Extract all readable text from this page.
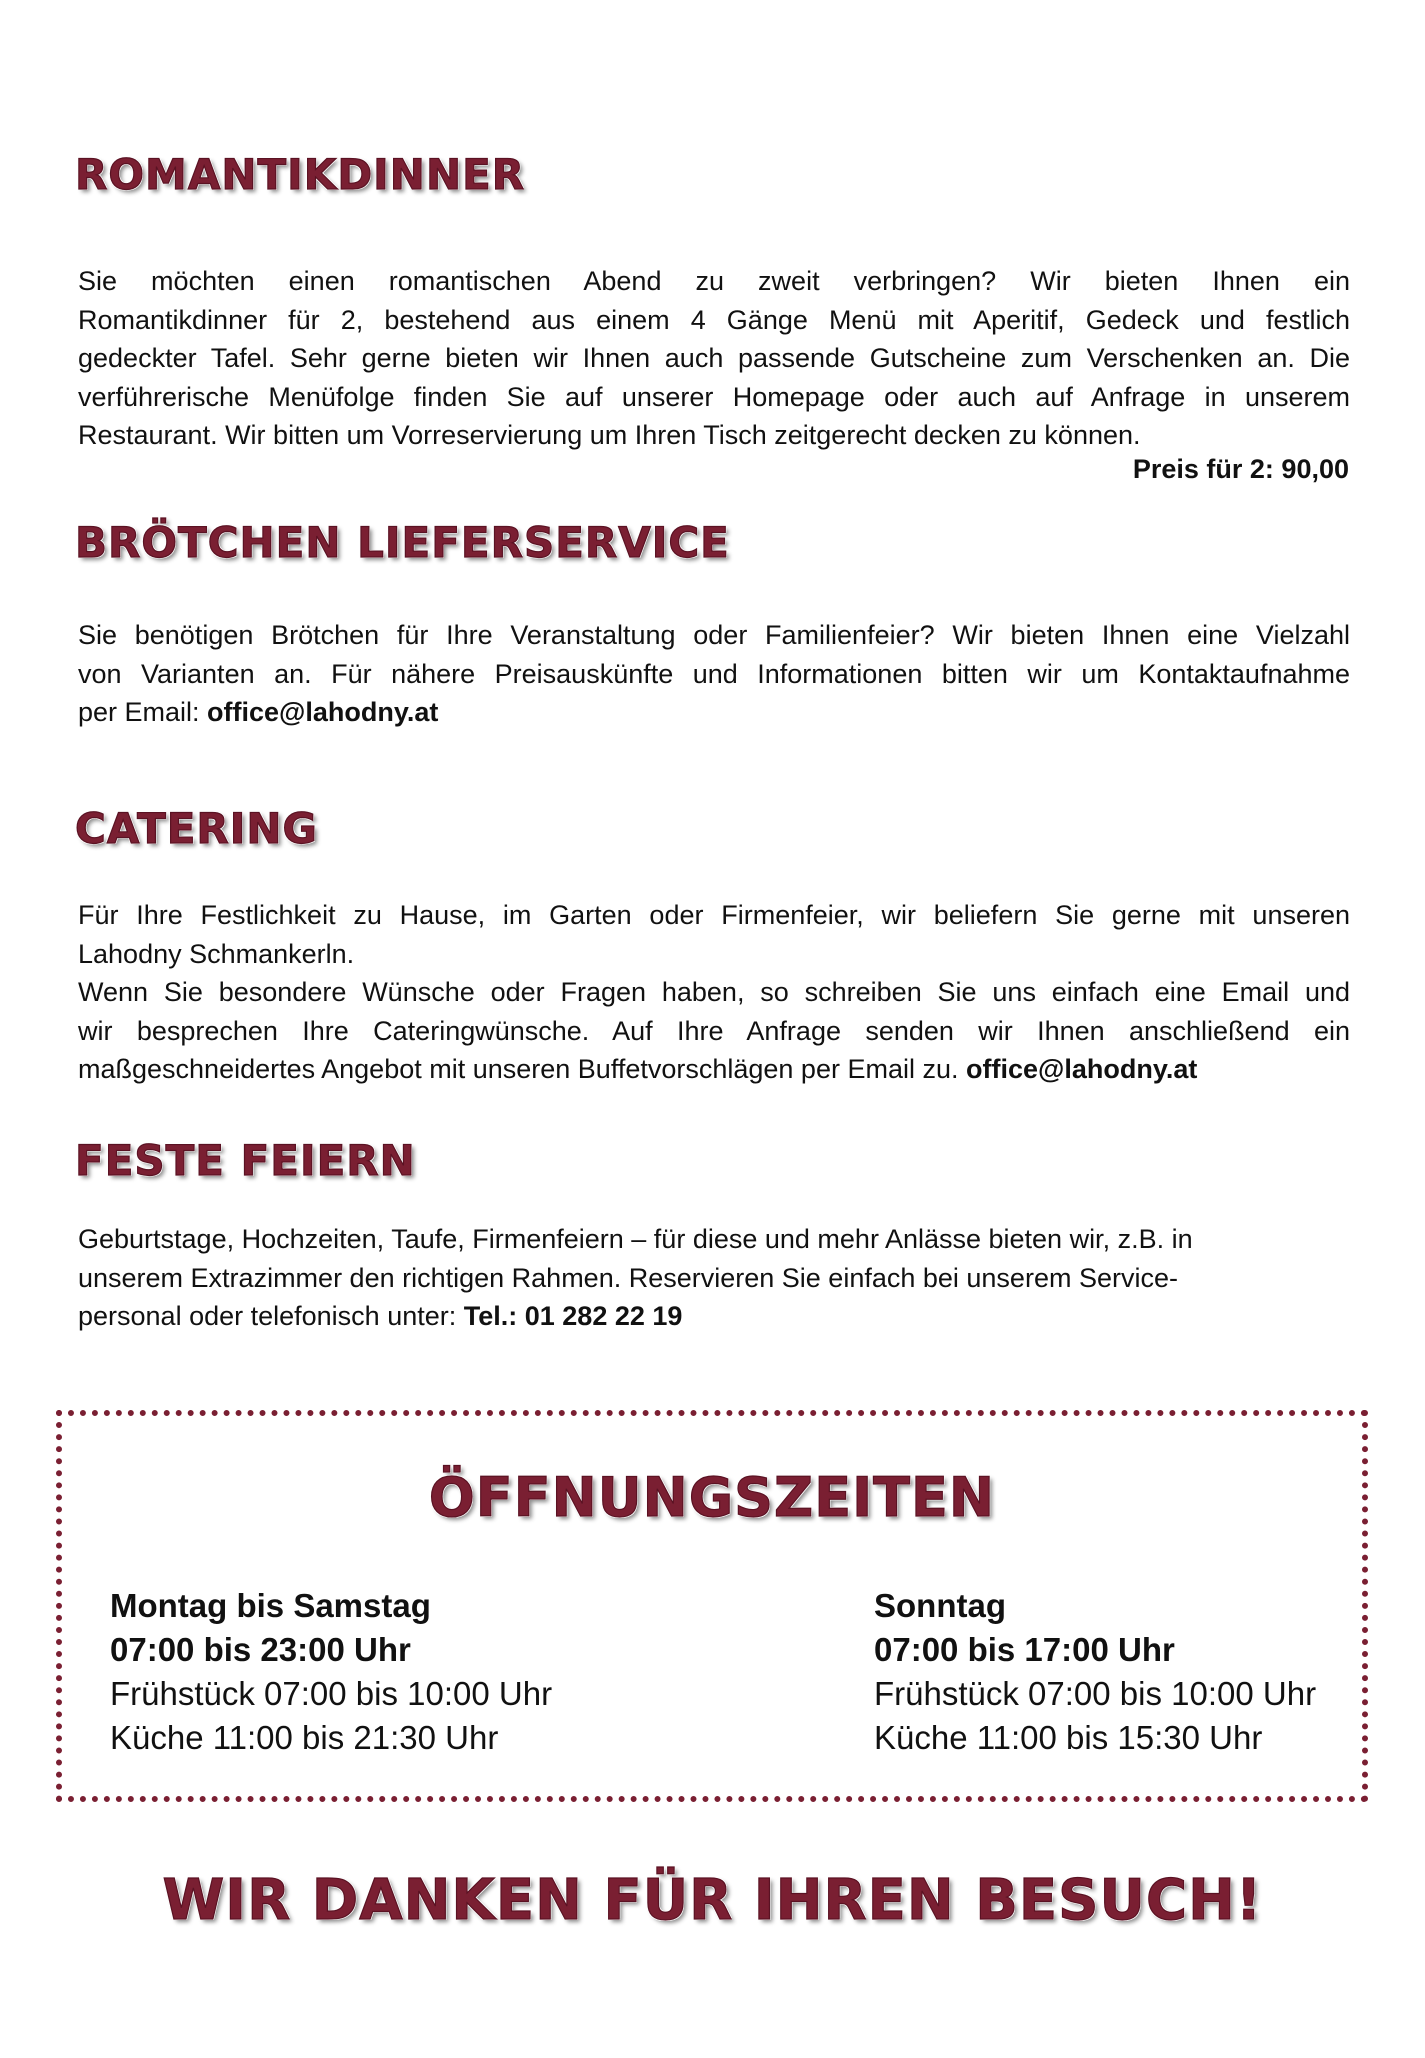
ROMANTIKDINNER

Sie möchten einen romantischen Abend zu zweit verbringen? Wir bieten Ihnen ein
Romantikdinner für 2, bestehend aus einem 4 Gänge Menü mit Aperitif, Gedeck und festlich
gedeckter Tafel. Sehr gerne bieten wir Ihnen auch passende Gutscheine zum Verschenken an. Die
verführerische Menüfolge finden Sie auf unserer Homepage oder auch auf Anfrage in unserem
Restaurant. Wir bitten um Vorreservierung um Ihren Tisch zeitgerecht decken zu können.

Preis für 2: 90,00

BRÖTCHEN LIEFERSERVICE

Sie benötigen Brötchen für Ihre Veranstaltung oder Familienfeier? Wir bieten Ihnen eine Vielzahl
von Varianten an. Für nähere Preisauskünfte und Informationen bitten wir um Kontaktaufnahme
per Email: office@lahodny.at

CATERING

Für Ihre Festlichkeit zu Hause, im Garten oder Firmenfeier, wir beliefern Sie gerne mit unseren
Lahodny Schmankerln.
Wenn Sie besondere Wünsche oder Fragen haben, so schreiben Sie uns einfach eine Email und
wir besprechen Ihre Cateringwünsche. Auf Ihre Anfrage senden wir Ihnen anschließend ein
maßgeschneidertes Angebot mit unseren Buffetvorschlägen per Email zu. office@lahodny.at

FESTE FEIERN

Geburtstage, Hochzeiten, Taufe, Firmenfeiern – für diese und mehr Anlässe bieten wir, z.B. in
unserem Extrazimmer den richtigen Rahmen. Reservieren Sie einfach bei unserem Service-
personal oder telefonisch unter: Tel.: 01 282 22 19

ÖFFNUNGSZEITEN
Montag bis Samstag
07:00 bis 23:00 Uhr
Frühstück 07:00 bis 10:00 Uhr
Küche 11:00 bis 21:30 Uhr
Sonntag
07:00 bis 17:00 Uhr
Frühstück 07:00 bis 10:00 Uhr
Küche 11:00 bis 15:30 Uhr
WIR DANKEN FÜR IHREN BESUCH!
